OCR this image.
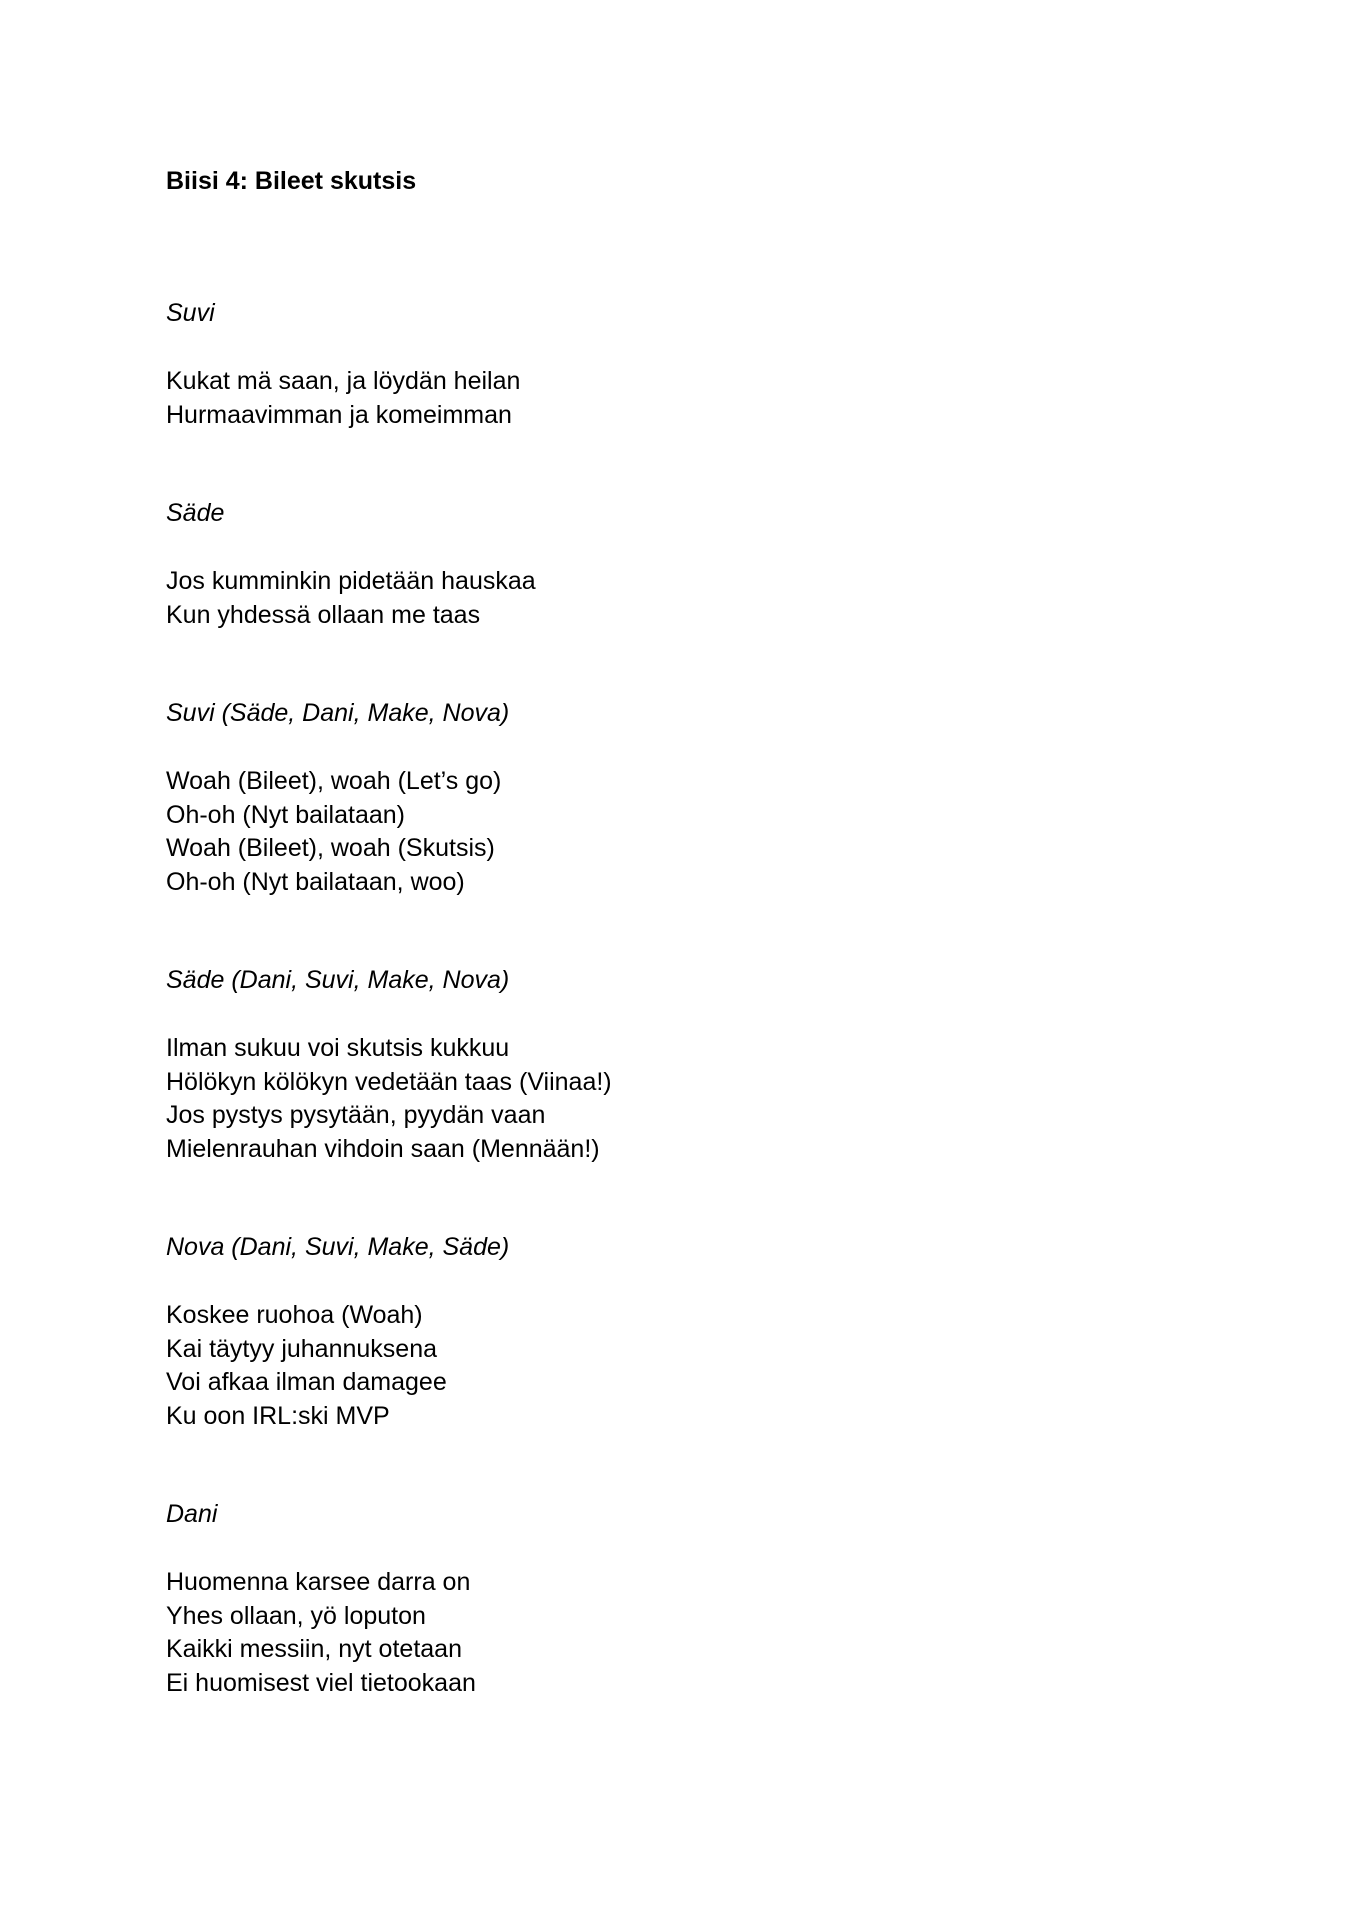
Biisi 4: Bileet skutsis

Suvi

Kukat mä saan, ja löydän heilan
Hurmaavimman ja komeimman

Säde

Jos kumminkin pidetään hauskaa
Kun yhdessä ollaan me taas

Suvi (Säde, Dani, Make, Nova)

Woah (Bileet), woah (Let’s go)
Oh-oh (Nyt bailataan)
Woah (Bileet), woah (Skutsis)
Oh-oh (Nyt bailataan, woo)

Säde (Dani, Suvi, Make, Nova)

Ilman sukuu voi skutsis kukkuu
Hölökyn kölökyn vedetään taas (Viinaa!)
Jos pystys pysytään, pyydän vaan
Mielenrauhan vihdoin saan (Mennään!)

Nova (Dani, Suvi, Make, Säde)

Koskee ruohoa (Woah)
Kai täytyy juhannuksena
Voi afkaa ilman damagee
Ku oon IRL:ski MVP

Dani

Huomenna karsee darra on
Yhes ollaan, yö loputon
Kaikki messiin, nyt otetaan
Ei huomisest viel tietookaan
